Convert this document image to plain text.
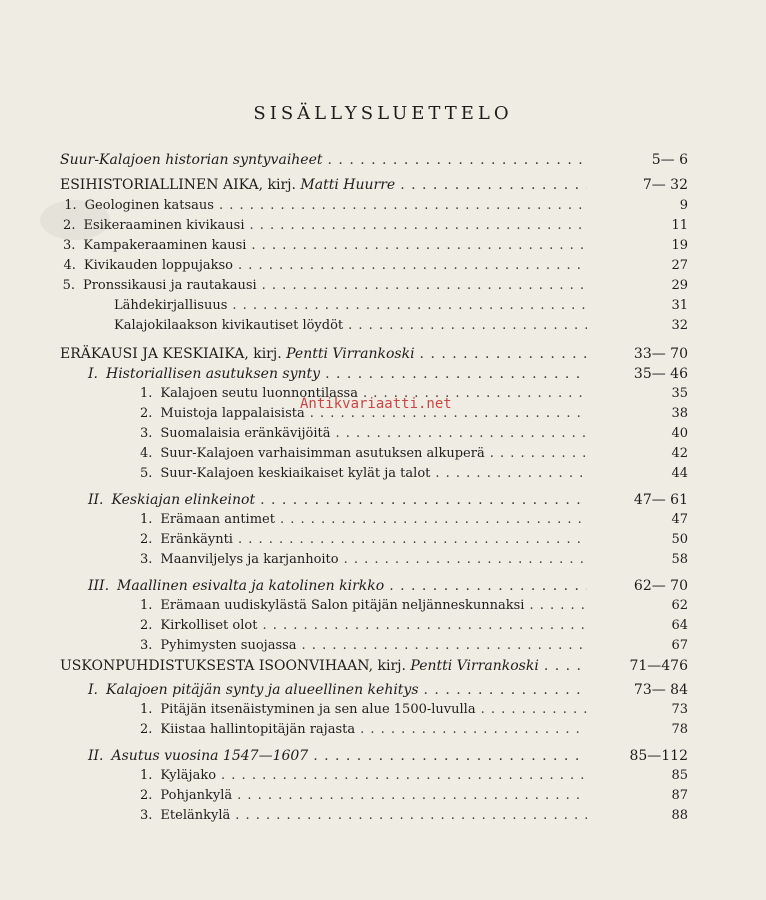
SISÄLLYSLUETTELO
Suur-Kalajoen historian syntyvaiheet . . .	5— 6
ESIHISTORIALLINEN AIKA, kirj. Matti Huurre . . .	7— 32
1. Geologinen katsaus . . .	9
2. Esikeraaminen kivikausi . . .	11
3. Kampakeraaminen kausi . . .	19
4. Kivikauden loppujakso . . .	27
5. Pronssikausi ja rautakausi . . .	29
Lähdekirjallisuus . . .	31
Kalajokilaakson kivikautiset löydöt . . .	32
ERÄKAUSI JA KESKIAIKA, kirj. Pentti Virrankoski . . .	33— 70
I. Historiallisen asutuksen synty . . .	35— 46
1. Kalajoen seutu luonnontilassa . . .	35
2. Muistoja lappalaisista . . .	38
3. Suomalaisia eränkävijöitä . . .	40
4. Suur-Kalajoen varhaisimman asutuksen alkuperä . . .	42
5. Suur-Kalajoen keskiaikaiset kylät ja talot . . .	44
II. Keskiajan elinkeinot . . .	47— 61
1. Erämaan antimet . . .	47
2. Eränkäynti . . .	50
3. Maanviljelys ja karjanhoito . . .	58
III. Maallinen esivalta ja katolinen kirkko . . .	62— 70
1. Erämaan uudiskylästä Salon pitäjän neljänneskunnaksi . . .	62
2. Kirkolliset olot . . .	64
3. Pyhimysten suojassa . . .	67
USKONPUHDISTUKSESTA ISOONVIHAAN, kirj. Pentti Virrankoski . . .	71—476
I. Kalajoen pitäjän synty ja alueellinen kehitys . . .	73— 84
1. Pitäjän itsenäistyminen ja sen alue 1500-luvulla . . .	73
2. Kiistaa hallintopitäjän rajasta . . .	78
II. Asutus vuosina 1547—1607 . . .	85—112
1. Kyläjako . . .	85
2. Pohjankylä . . .	87
3. Etelänkylä . . .	88
Antikvariaatti.net
